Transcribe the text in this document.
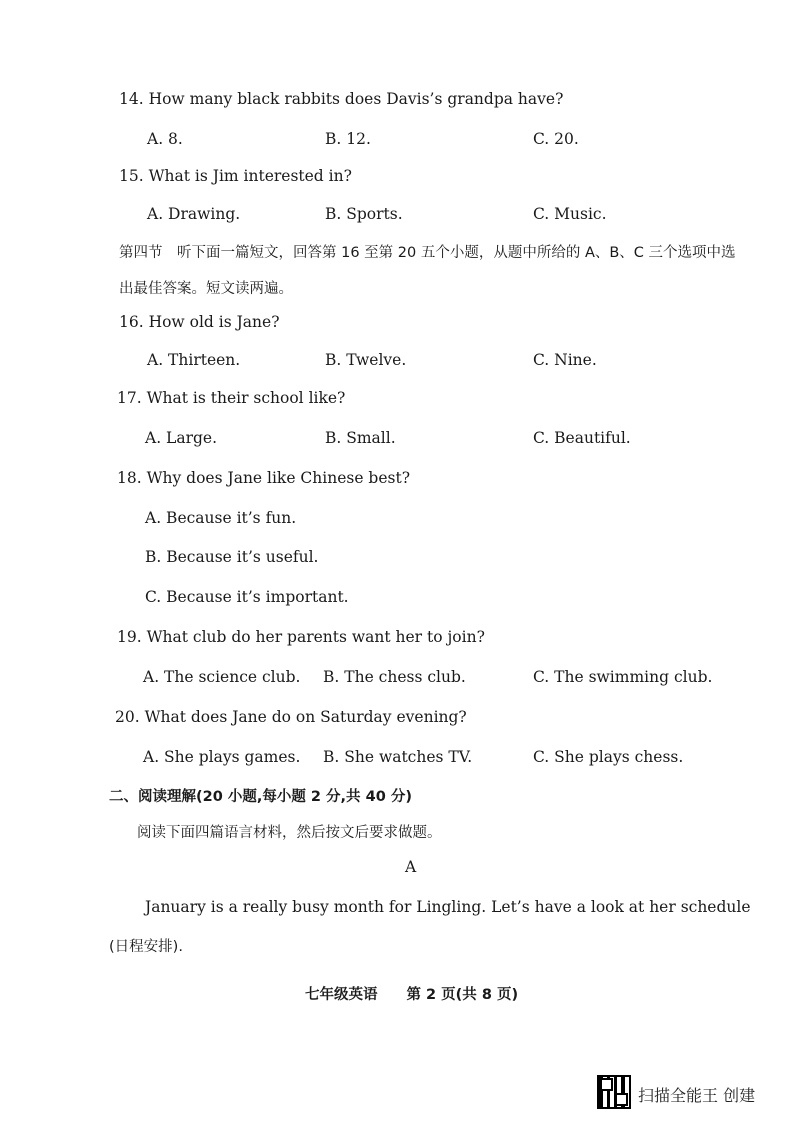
14. How many black rabbits does Davis’s grandpa have?
A. 8.	B. 12.	C. 20.
15. What is Jim interested in?
A. Drawing.	B. Sports.	C. Music.
第四节　听下面一篇短文，回答第 16 至第 20 五个小题，从题中所给的 A、B、C 三个选项中选
出最佳答案。短文读两遍。
16. How old is Jane?
A. Thirteen.	B. Twelve.	C. Nine.
17. What is their school like?
A. Large.	B. Small.	C. Beautiful.
18. Why does Jane like Chinese best?
A. Because it’s fun.
B. Because it’s useful.
C. Because it’s important.
19. What club do her parents want her to join?
A. The science club. B. The chess club.	C. The swimming club.
20. What does Jane do on Saturday evening?
A. She plays games. B. She watches TV.	C. She plays chess.
二、阅读理解(20 小题,每小题 2 分,共 40 分)
阅读下面四篇语言材料，然后按文后要求做题。
A
January is a really busy month for Lingling. Let’s have a look at her schedule
(日程安排).
七年级英语　　第 2 页(共 8 页)
扫描全能王 创建
